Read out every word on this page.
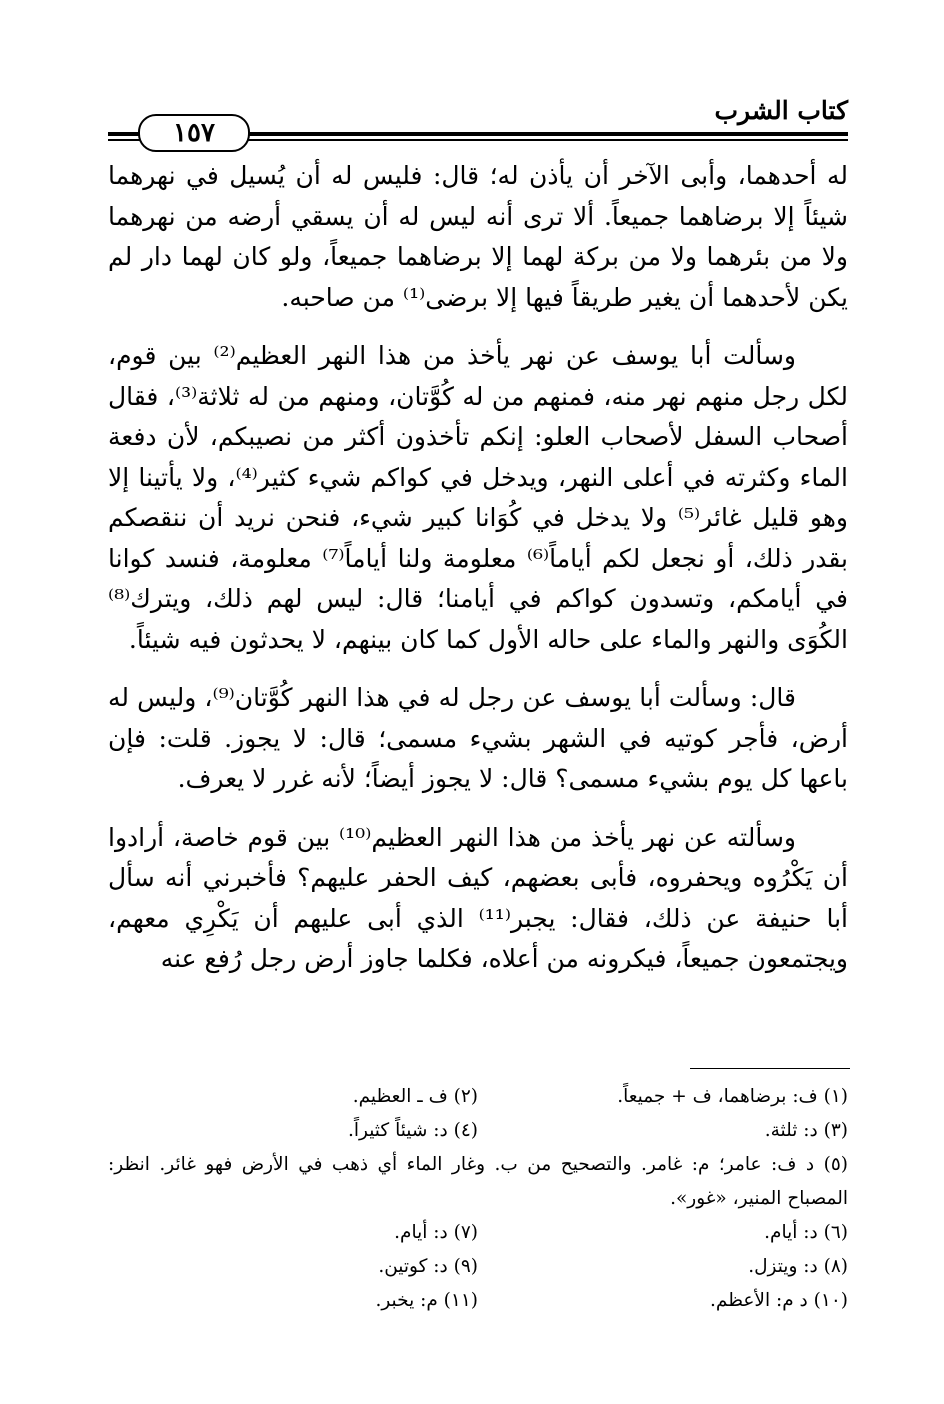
كتاب الشرب
١٥٧

له أحدهما، وأبى الآخر أن يأذن له؛ قال: فليس له أن يُسيل في نهرهما شيئاً إلا برضاهما جميعاً. ألا ترى أنه ليس له أن يسقي أرضه من نهرهما ولا من بئرهما ولا من بركة لهما إلا برضاهما جميعاً، ولو كان لهما دار لم يكن لأحدهما أن يغير طريقاً فيها إلا برضى⁽¹⁾ من صاحبه.

وسألت أبا يوسف عن نهر يأخذ من هذا النهر العظيم⁽²⁾ بين قوم، لكل رجل منهم نهر منه، فمنهم من له كُوَّتان، ومنهم من له ثلاثة⁽³⁾، فقال أصحاب السفل لأصحاب العلو: إنكم تأخذون أكثر من نصيبكم، لأن دفعة الماء وكثرته في أعلى النهر، ويدخل في كواكم شيء كثير⁽⁴⁾، ولا يأتينا إلا وهو قليل غائر⁽⁵⁾ ولا يدخل في كُوَانا كبير شيء، فنحن نريد أن ننقصكم بقدر ذلك، أو نجعل لكم أياماً⁽⁶⁾ معلومة ولنا أياماً⁽⁷⁾ معلومة، فنسد كوانا في أيامكم، وتسدون كواكم في أيامنا؛ قال: ليس لهم ذلك، ويترك⁽⁸⁾ الكُوَى والنهر والماء على حاله الأول كما كان بينهم، لا يحدثون فيه شيئاً.

قال: وسألت أبا يوسف عن رجل له في هذا النهر كُوَّتان⁽⁹⁾، وليس له أرض، فأجر كوتيه في الشهر بشيء مسمى؛ قال: لا يجوز. قلت: فإن باعها كل يوم بشيء مسمى؟ قال: لا يجوز أيضاً؛ لأنه غرر لا يعرف.

وسألته عن نهر يأخذ من هذا النهر العظيم⁽¹⁰⁾ بين قوم خاصة، أرادوا أن يَكْرُوه ويحفروه، فأبى بعضهم، كيف الحفر عليهم؟ فأخبرني أنه سأل أبا حنيفة عن ذلك، فقال: يجبر⁽¹¹⁾ الذي أبى عليهم أن يَكْرِي معهم، ويجتمعون جميعاً، فيكرونه من أعلاه، فكلما جاوز أرض رجل رُفع عنه

(١) ف: برضاهما، ف + جميعاً.
(٢) ف ـ العظيم.
(٣) د: ثلثة.
(٤) د: شيئاً كثيراً.
(٥) د ف: عامر؛ م: غامر. والتصحيح من ب. وغار الماء أي ذهب في الأرض فهو غائر. انظر: المصباح المنير، «غور».
(٦) د: أيام.
(٧) د: أيام.
(٨) د: ويتزل.
(٩) د: كوتين.
(١٠) د م: الأعظم.
(١١) م: يخبر.
